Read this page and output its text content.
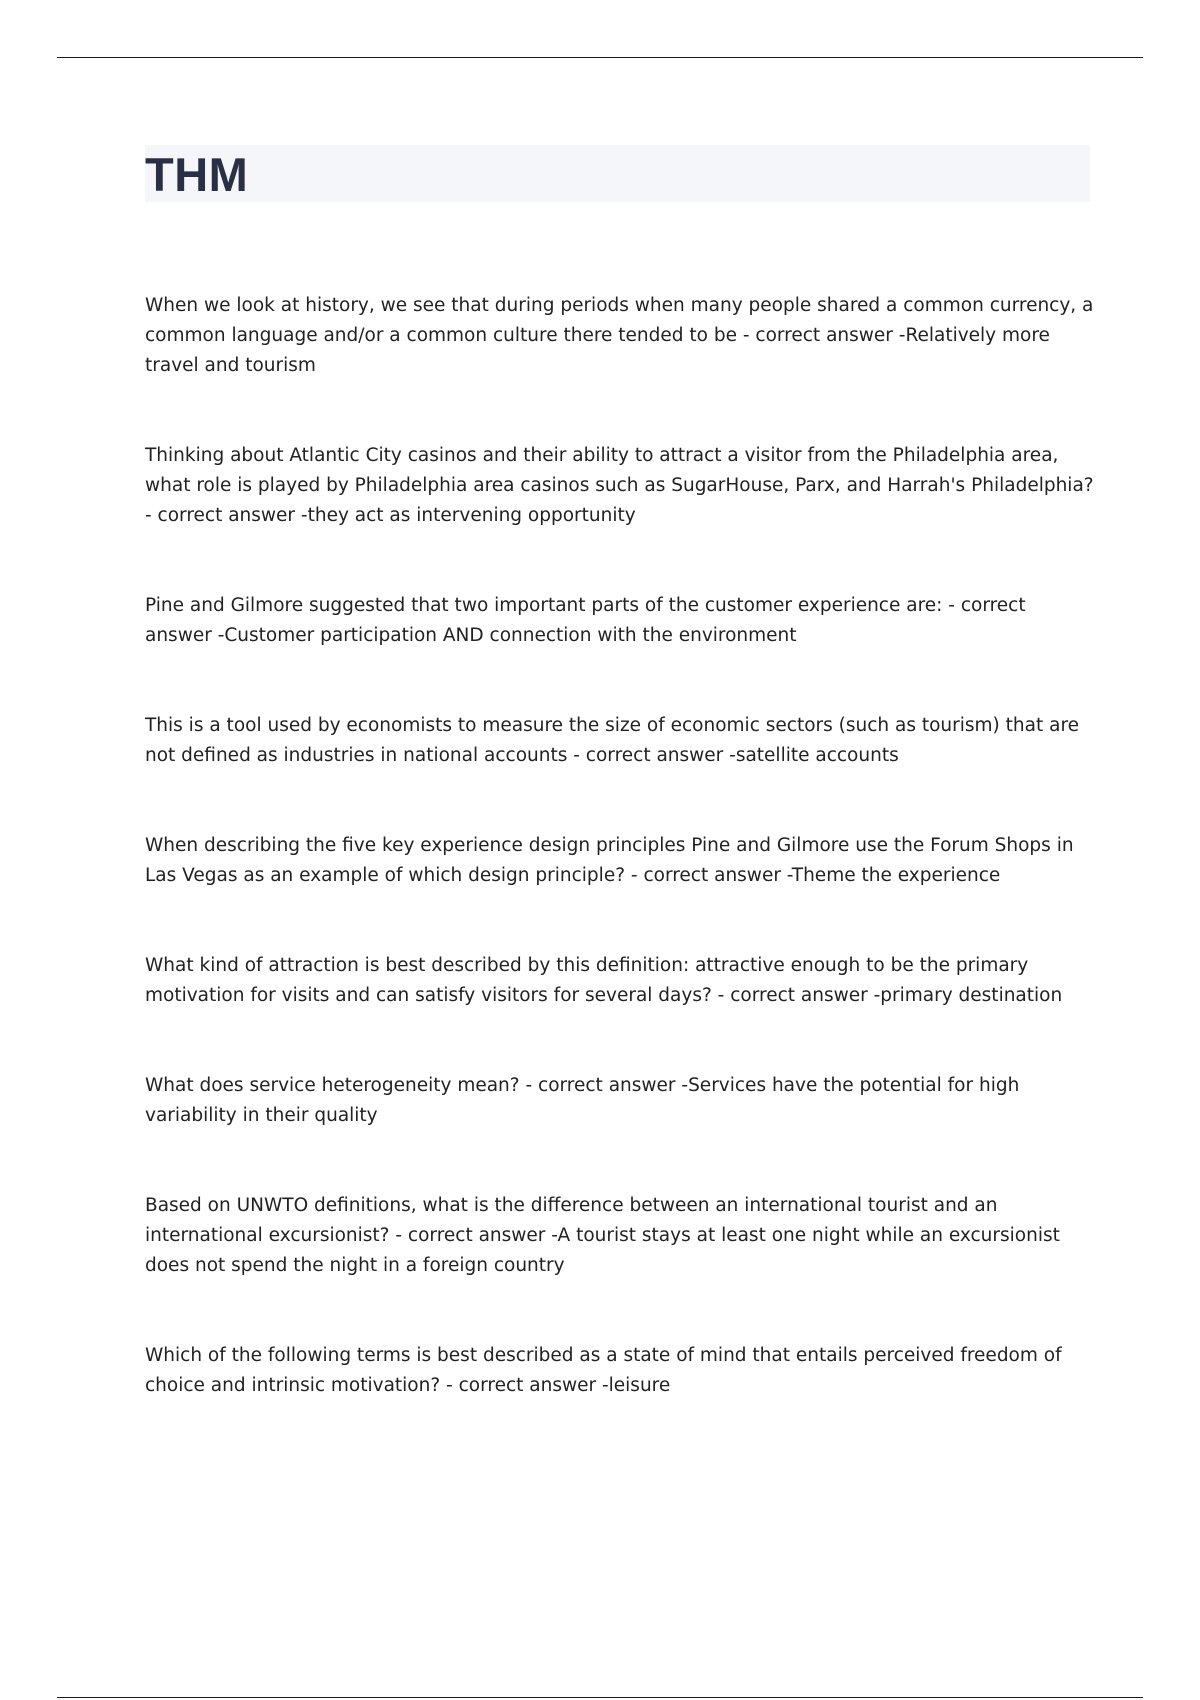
THM

When we look at history, we see that during periods when many people shared a common currency, a common language and/or a common culture there tended to be - correct answer -Relatively more travel and tourism

Thinking about Atlantic City casinos and their ability to attract a visitor from the Philadelphia area, what role is played by Philadelphia area casinos such as SugarHouse, Parx, and Harrah's Philadelphia? - correct answer -they act as intervening opportunity

Pine and Gilmore suggested that two important parts of the customer experience are: - correct answer -Customer participation AND connection with the environment

This is a tool used by economists to measure the size of economic sectors (such as tourism) that are not defined as industries in national accounts - correct answer -satellite accounts

When describing the five key experience design principles Pine and Gilmore use the Forum Shops in Las Vegas as an example of which design principle? - correct answer -Theme the experience

What kind of attraction is best described by this definition: attractive enough to be the primary motivation for visits and can satisfy visitors for several days? - correct answer -primary destination

What does service heterogeneity mean? - correct answer -Services have the potential for high variability in their quality

Based on UNWTO definitions, what is the difference between an international tourist and an international excursionist? - correct answer -A tourist stays at least one night while an excursionist does not spend the night in a foreign country

Which of the following terms is best described as a state of mind that entails perceived freedom of choice and intrinsic motivation? - correct answer -leisure
